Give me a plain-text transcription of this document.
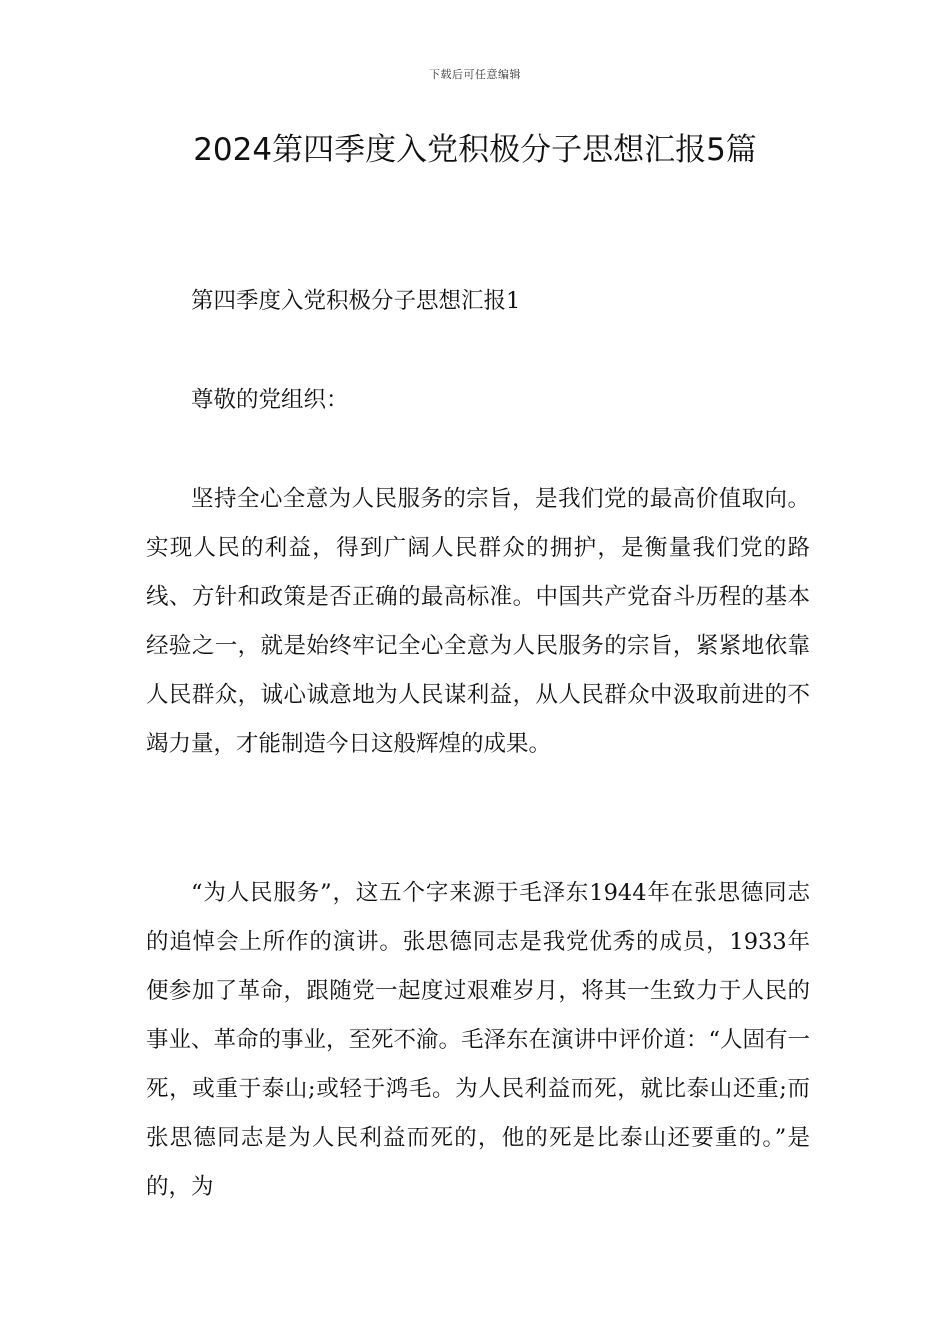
下载后可任意编辑
2024第四季度入党积极分子思想汇报5篇

第四季度入党积极分子思想汇报1

尊敬的党组织：

坚持全心全意为人民服务的宗旨，是我们党的最高价值取向。实现人民的利益，得到广阔人民群众的拥护，是衡量我们党的路线、方针和政策是否正确的最高标准。中国共产党奋斗历程的基本经验之一，就是始终牢记全心全意为人民服务的宗旨，紧紧地依靠人民群众，诚心诚意地为人民谋利益，从人民群众中汲取前进的不竭力量，才能制造今日这般辉煌的成果。

“为人民服务”，这五个字来源于毛泽东1944年在张思德同志的追悼会上所作的演讲。张思德同志是我党优秀的成员，1933年便参加了革命，跟随党一起度过艰难岁月，将其一生致力于人民的事业、革命的事业，至死不渝。毛泽东在演讲中评价道：“人固有一死，或重于泰山;或轻于鸿毛。为人民利益而死，就比泰山还重;而张思德同志是为人民利益而死的，他的死是比泰山还要重的。”是的，为
